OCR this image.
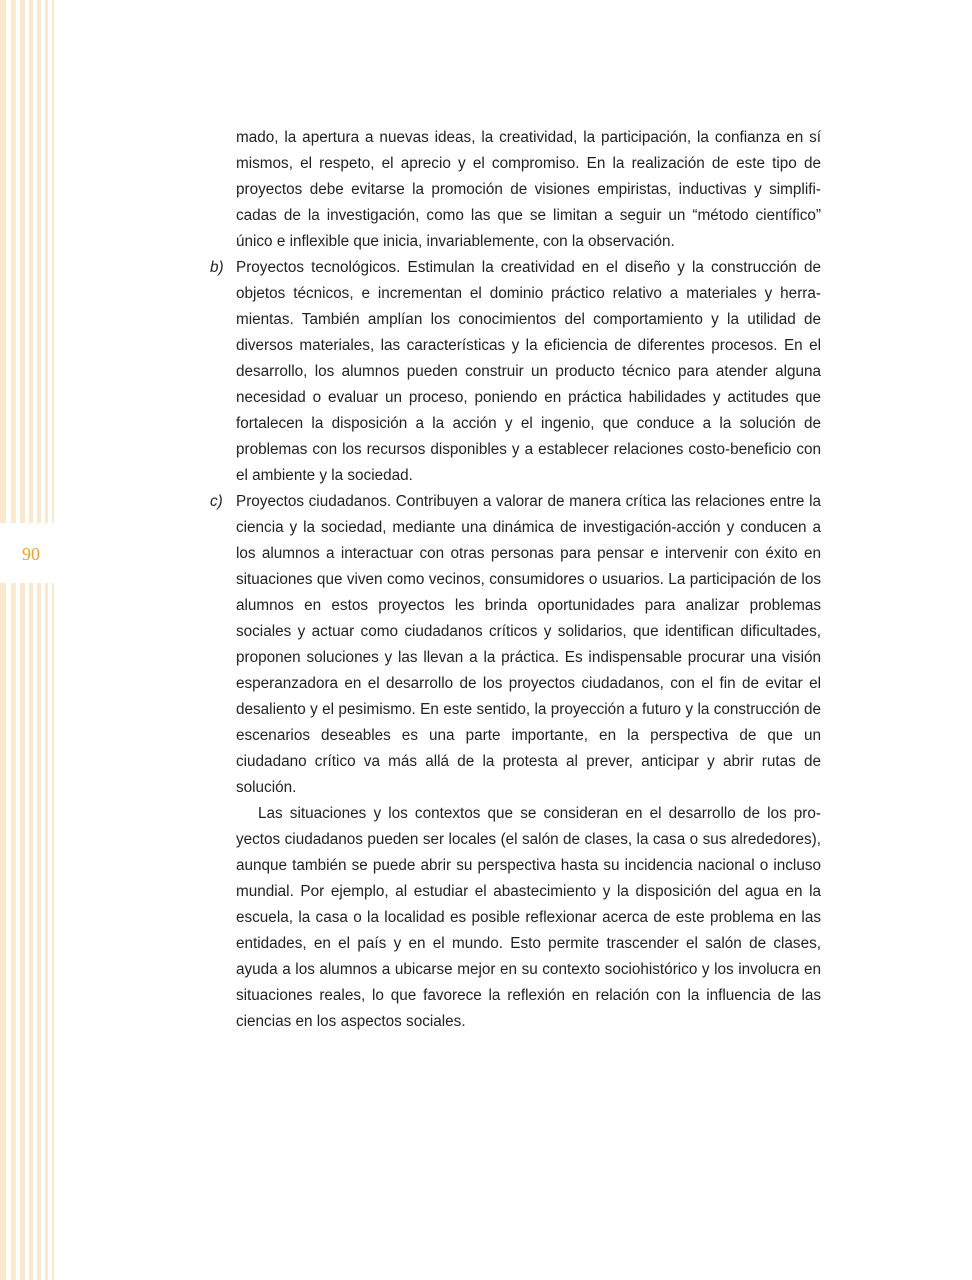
90

mado, la apertura a nuevas ideas, la creatividad, la participación, la confianza en sí mismos, el respeto, el aprecio y el compromiso. En la realización de este tipo de proyectos debe evitarse la promoción de visiones empiristas, inductivas y simplificadas de la investigación, como las que se limitan a seguir un “método científico” único e inflexible que inicia, invariablemente, con la observación.

b) Proyectos tecnológicos. Estimulan la creatividad en el diseño y la construcción de objetos técnicos, e incrementan el dominio práctico relativo a materiales y herramientas. También amplían los conocimientos del comportamiento y la utilidad de diversos materiales, las características y la eficiencia de diferentes procesos. En el desarrollo, los alumnos pueden construir un producto técnico para atender alguna necesidad o evaluar un proceso, poniendo en práctica habilidades y actitudes que fortalecen la disposición a la acción y el ingenio, que conduce a la solución de problemas con los recursos disponibles y a establecer relaciones costo-beneficio con el ambiente y la sociedad.

c) Proyectos ciudadanos. Contribuyen a valorar de manera crítica las relaciones entre la ciencia y la sociedad, mediante una dinámica de investigación-acción y conducen a los alumnos a interactuar con otras personas para pensar e intervenir con éxito en situaciones que viven como vecinos, consumidores o usuarios. La participación de los alumnos en estos proyectos les brinda oportunidades para analizar problemas sociales y actuar como ciudadanos críticos y solidarios, que identifican dificultades, proponen soluciones y las llevan a la práctica. Es indispensable procurar una visión esperanzadora en el desarrollo de los proyectos ciudadanos, con el fin de evitar el desaliento y el pesimismo. En este sentido, la proyección a futuro y la construcción de escenarios deseables es una parte importante, en la perspectiva de que un ciudadano crítico va más allá de la protesta al prever, anticipar y abrir rutas de solución.

Las situaciones y los contextos que se consideran en el desarrollo de los proyectos ciudadanos pueden ser locales (el salón de clases, la casa o sus alrededores), aunque también se puede abrir su perspectiva hasta su incidencia nacional o incluso mundial. Por ejemplo, al estudiar el abastecimiento y la disposición del agua en la escuela, la casa o la localidad es posible reflexionar acerca de este problema en las entidades, en el país y en el mundo. Esto permite trascender el salón de clases, ayuda a los alumnos a ubicarse mejor en su contexto sociohistórico y los involucra en situaciones reales, lo que favorece la reflexión en relación con la influencia de las ciencias en los aspectos sociales.
